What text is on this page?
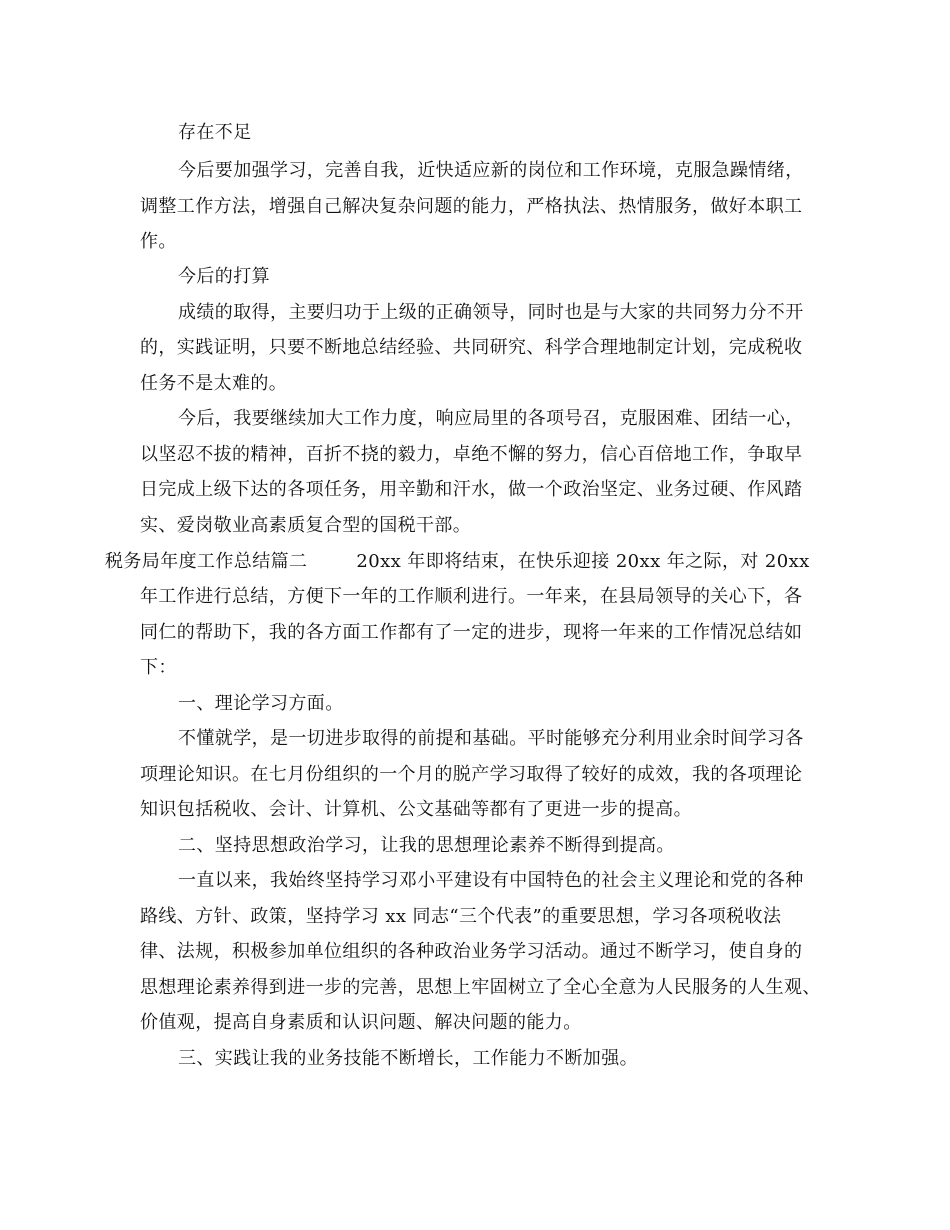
存在不足
今后要加强学习，完善自我，近快适应新的岗位和工作环境，克服急躁情绪，
调整工作方法，增强自己解决复杂问题的能力，严格执法、热情服务，做好本职工
作。
今后的打算
成绩的取得，主要归功于上级的正确领导，同时也是与大家的共同努力分不开
的，实践证明，只要不断地总结经验、共同研究、科学合理地制定计划，完成税收
任务不是太难的。
今后，我要继续加大工作力度，响应局里的各项号召，克服困难、团结一心，
以坚忍不拔的精神，百折不挠的毅力，卓绝不懈的努力，信心百倍地工作，争取早
日完成上级下达的各项任务，用辛勤和汗水，做一个政治坚定、业务过硬、作风踏
实、爱岗敬业高素质复合型的国税干部。
税务局年度工作总结篇二        20xx 年即将结束，在快乐迎接 20xx 年之际，对 20xx
年工作进行总结，方便下一年的工作顺利进行。一年来，在县局领导的关心下，各
同仁的帮助下，我的各方面工作都有了一定的进步，现将一年来的工作情况总结如
下：
一、理论学习方面。
不懂就学，是一切进步取得的前提和基础。平时能够充分利用业余时间学习各
项理论知识。在七月份组织的一个月的脱产学习取得了较好的成效，我的各项理论
知识包括税收、会计、计算机、公文基础等都有了更进一步的提高。
二、坚持思想政治学习，让我的思想理论素养不断得到提高。
一直以来，我始终坚持学习邓小平建设有中国特色的社会主义理论和党的各种
路线、方针、政策，坚持学习 xx 同志“三个代表”的重要思想，学习各项税收法
律、法规，积极参加单位组织的各种政治业务学习活动。通过不断学习，使自身的
思想理论素养得到进一步的完善，思想上牢固树立了全心全意为人民服务的人生观、
价值观，提高自身素质和认识问题、解决问题的能力。
三、实践让我的业务技能不断增长，工作能力不断加强。
